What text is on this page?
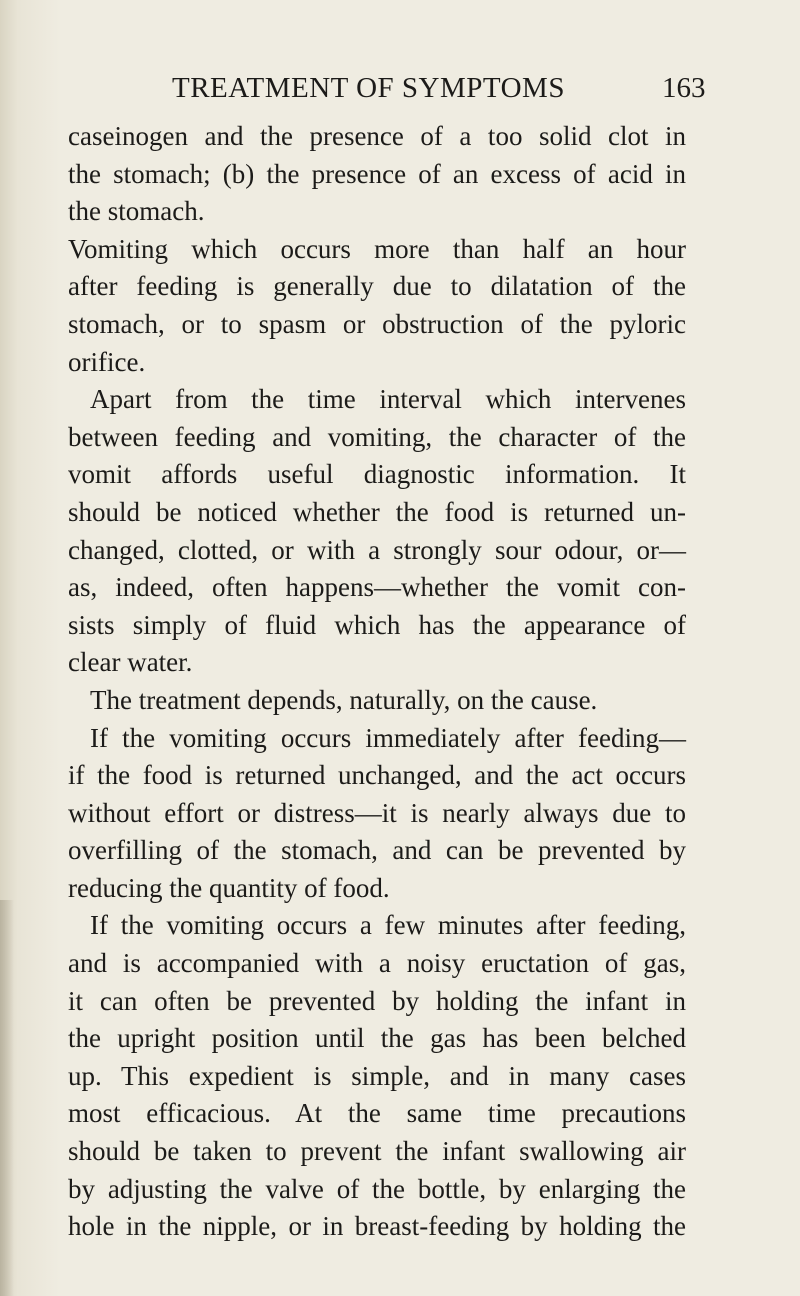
TREATMENT OF SYMPTOMS	163
caseinogen and the presence of a too solid clot in
the stomach; (b) the presence of an excess of acid in
the stomach.
Vomiting which occurs more than half an hour
after feeding is generally due to dilatation of the
stomach, or to spasm or obstruction of the pyloric
orifice.
Apart from the time interval which intervenes
between feeding and vomiting, the character of the
vomit affords useful diagnostic information. It
should be noticed whether the food is returned un-
changed, clotted, or with a strongly sour odour, or—
as, indeed, often happens—whether the vomit con-
sists simply of fluid which has the appearance of
clear water.
The treatment depends, naturally, on the cause.
If the vomiting occurs immediately after feeding—
if the food is returned unchanged, and the act occurs
without effort or distress—it is nearly always due to
overfilling of the stomach, and can be prevented by
reducing the quantity of food.
If the vomiting occurs a few minutes after feeding,
and is accompanied with a noisy eructation of gas,
it can often be prevented by holding the infant in
the upright position until the gas has been belched
up. This expedient is simple, and in many cases
most efficacious. At the same time precautions
should be taken to prevent the infant swallowing air
by adjusting the valve of the bottle, by enlarging the
hole in the nipple, or in breast-feeding by holding the
